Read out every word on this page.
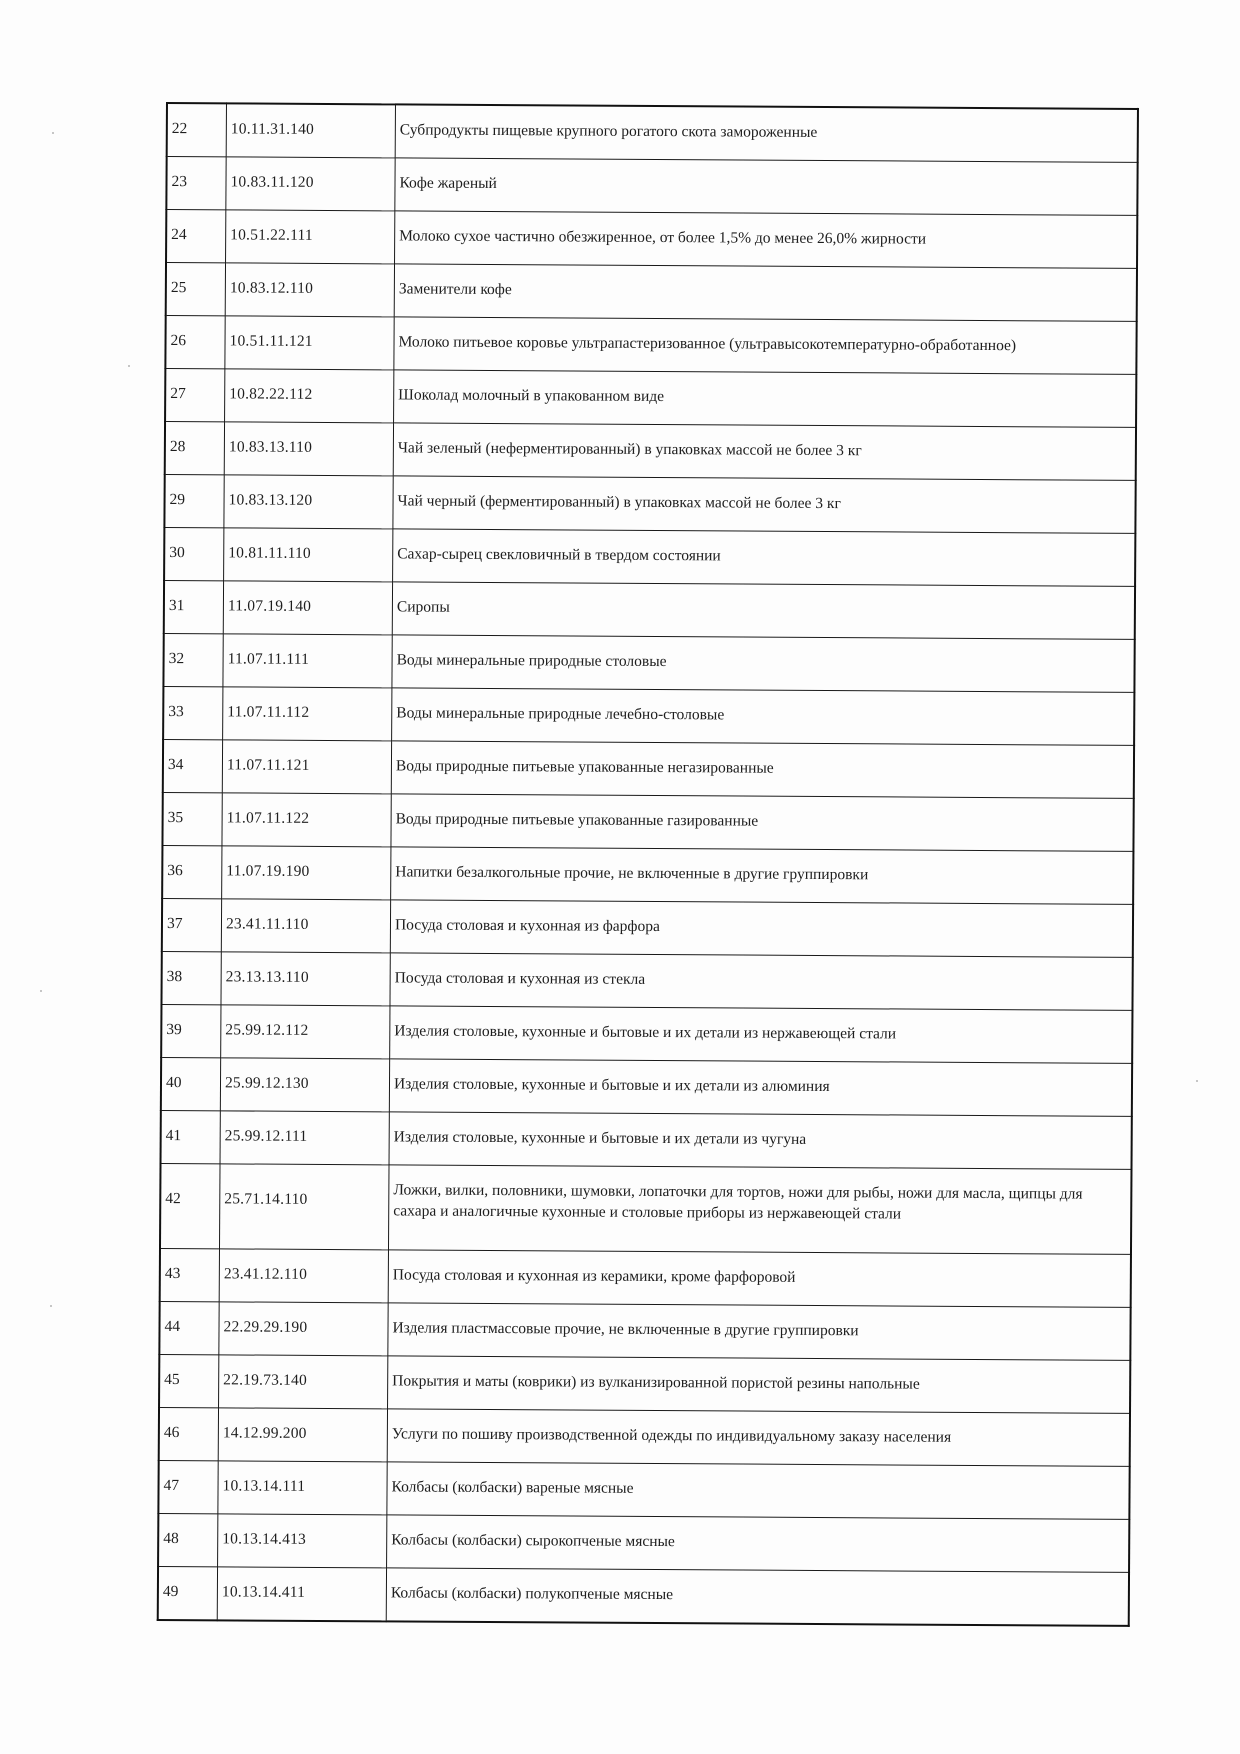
22	10.11.31.140	Субпродукты пищевые крупного рогатого скота замороженные
23	10.83.11.120	Кофе жареный
24	10.51.22.111	Молоко сухое частично обезжиренное, от более 1,5% до менее 26,0% жирности
25	10.83.12.110	Заменители кофе
26	10.51.11.121	Молоко питьевое коровье ультрапастеризованное (ультравысокотемпературно-обработанное)
27	10.82.22.112	Шоколад молочный в упакованном виде
28	10.83.13.110	Чай зеленый (неферментированный) в упаковках массой не более 3 кг
29	10.83.13.120	Чай черный (ферментированный) в упаковках массой не более 3 кг
30	10.81.11.110	Сахар-сырец свекловичный в твердом состоянии
31	11.07.19.140	Сиропы
32	11.07.11.111	Воды минеральные природные столовые
33	11.07.11.112	Воды минеральные природные лечебно-столовые
34	11.07.11.121	Воды природные питьевые упакованные негазированные
35	11.07.11.122	Воды природные питьевые упакованные газированные
36	11.07.19.190	Напитки безалкогольные прочие, не включенные в другие группировки
37	23.41.11.110	Посуда столовая и кухонная из фарфора
38	23.13.13.110	Посуда столовая и кухонная из стекла
39	25.99.12.112	Изделия столовые, кухонные и бытовые и их детали из нержавеющей стали
40	25.99.12.130	Изделия столовые, кухонные и бытовые и их детали из алюминия
41	25.99.12.111	Изделия столовые, кухонные и бытовые и их детали из чугуна
42	25.71.14.110	Ложки, вилки, половники, шумовки, лопаточки для тортов, ножи для рыбы, ножи для масла, щипцы для сахара и аналогичные кухонные и столовые приборы из нержавеющей стали
43	23.41.12.110	Посуда столовая и кухонная из керамики, кроме фарфоровой
44	22.29.29.190	Изделия пластмассовые прочие, не включенные в другие группировки
45	22.19.73.140	Покрытия и маты (коврики) из вулканизированной пористой резины напольные
46	14.12.99.200	Услуги по пошиву производственной одежды по индивидуальному заказу населения
47	10.13.14.111	Колбасы (колбаски) вареные мясные
48	10.13.14.413	Колбасы (колбаски) сырокопченые мясные
49	10.13.14.411	Колбасы (колбаски) полукопченые мясные
